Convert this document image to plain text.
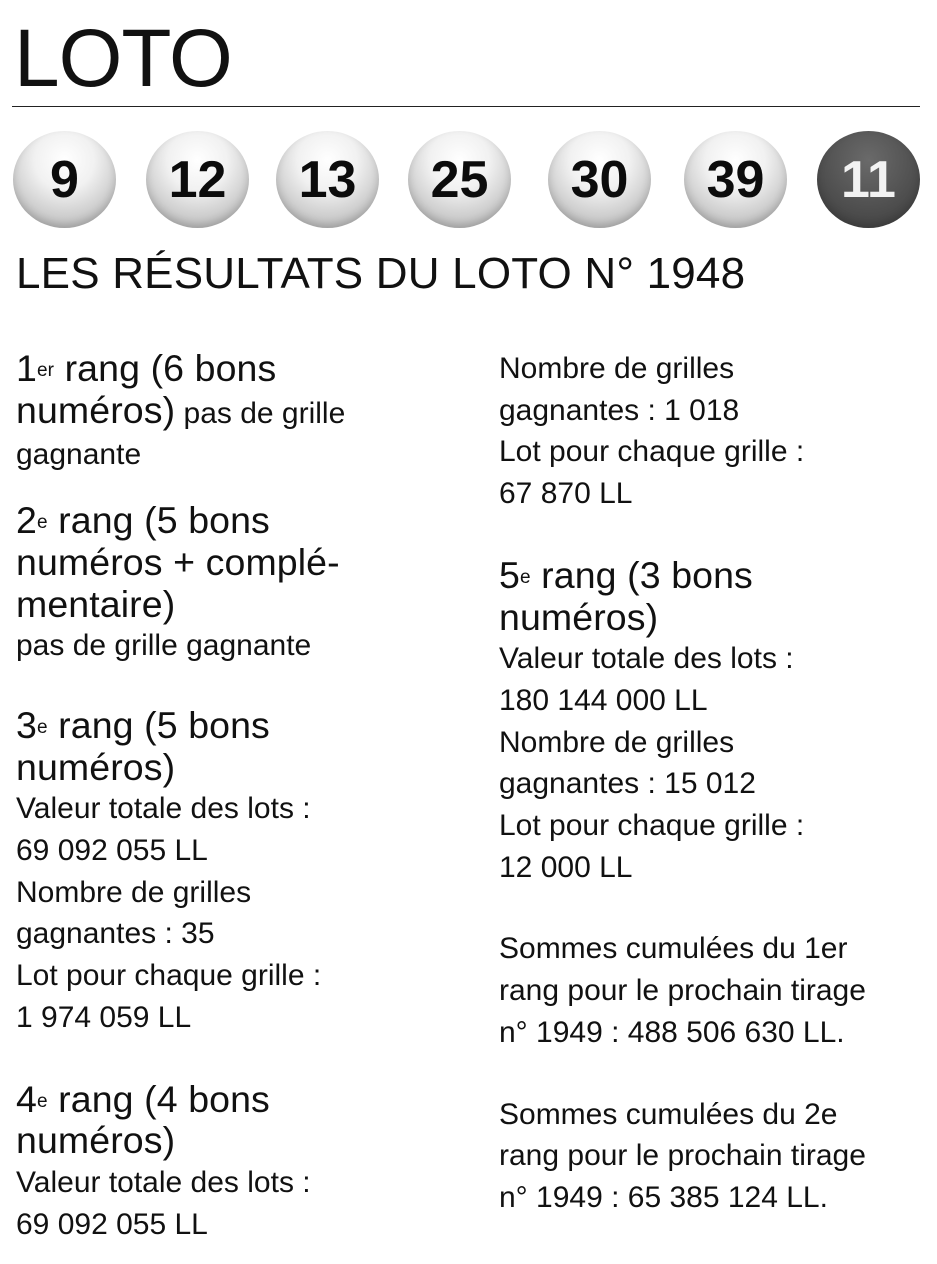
LOTO
9	12	13	25	30	39	11
LES RÉSULTATS DU LOTO N° 1948
1er rang (6 bons
numéros) pas de grille
gagnante
2e rang (5 bons
numéros + complé-
mentaire)
pas de grille gagnante
3e rang (5 bons
numéros)
Valeur totale des lots :
69 092 055 LL
Nombre de grilles
gagnantes : 35
Lot pour chaque grille :
1 974 059 LL
4e rang (4 bons
numéros)
Valeur totale des lots :
69 092 055 LL
Nombre de grilles
gagnantes : 1 018
Lot pour chaque grille :
67 870 LL
5e rang (3 bons
numéros)
Valeur totale des lots :
180 144 000 LL
Nombre de grilles
gagnantes : 15 012
Lot pour chaque grille :
12 000 LL
Sommes cumulées du 1er
rang pour le prochain tirage
n° 1949 : 488 506 630 LL.
Sommes cumulées du 2e
rang pour le prochain tirage
n° 1949 : 65 385 124 LL.
